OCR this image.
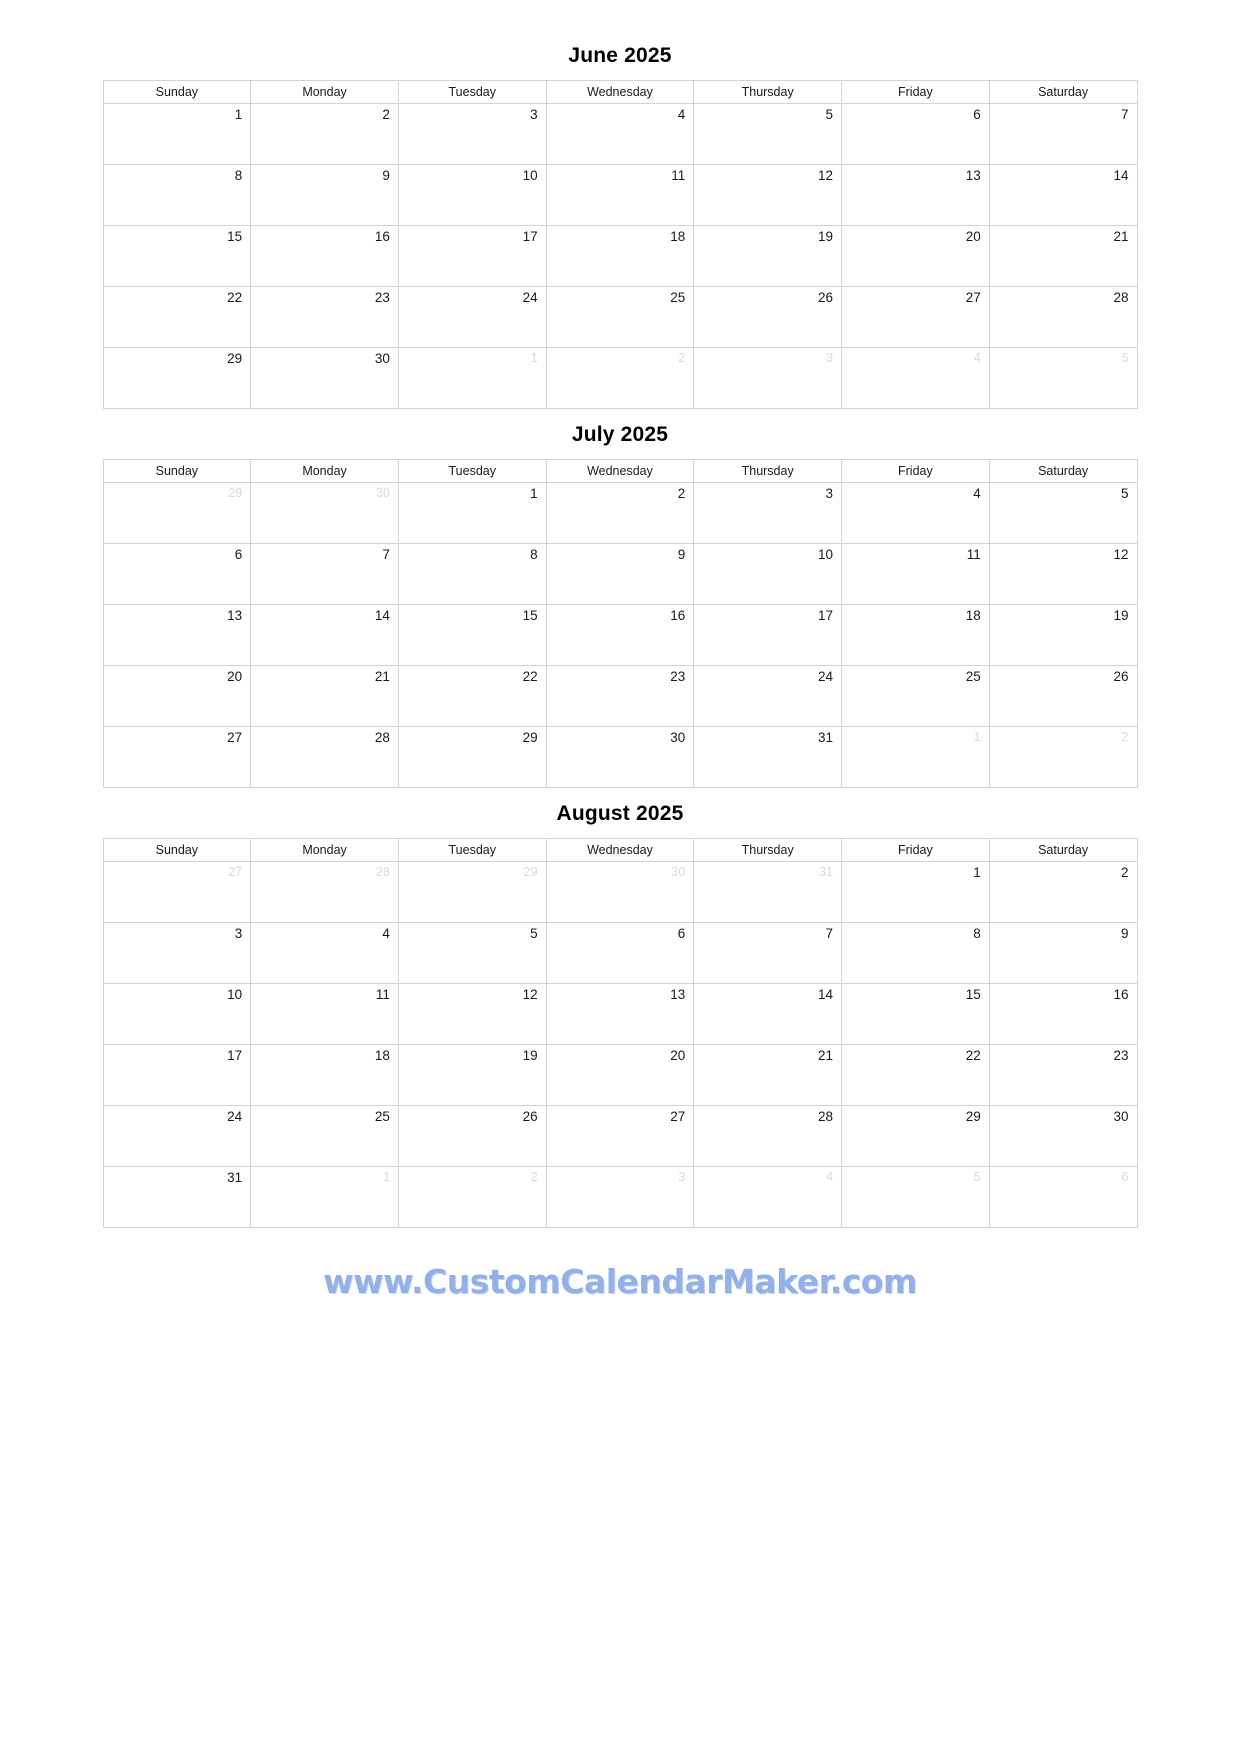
June 2025
Sunday	Monday	Tuesday	Wednesday	Thursday	Friday	Saturday

1	2	3	4	5	6	7
8	9	10	11	12	13	14
15	16	17	18	19	20	21
22	23	24	25	26	27	28
29	30	1	2	3	4	5
July 2025
Sunday	Monday	Tuesday	Wednesday	Thursday	Friday	Saturday

29	30	1	2	3	4	5
6	7	8	9	10	11	12
13	14	15	16	17	18	19
20	21	22	23	24	25	26
27	28	29	30	31	1	2
August 2025
Sunday	Monday	Tuesday	Wednesday	Thursday	Friday	Saturday

27	28	29	30	31	1	2
3	4	5	6	7	8	9
10	11	12	13	14	15	16
17	18	19	20	21	22	23
24	25	26	27	28	29	30
31	1	2	3	4	5	6
www.CustomCalendarMaker.com
